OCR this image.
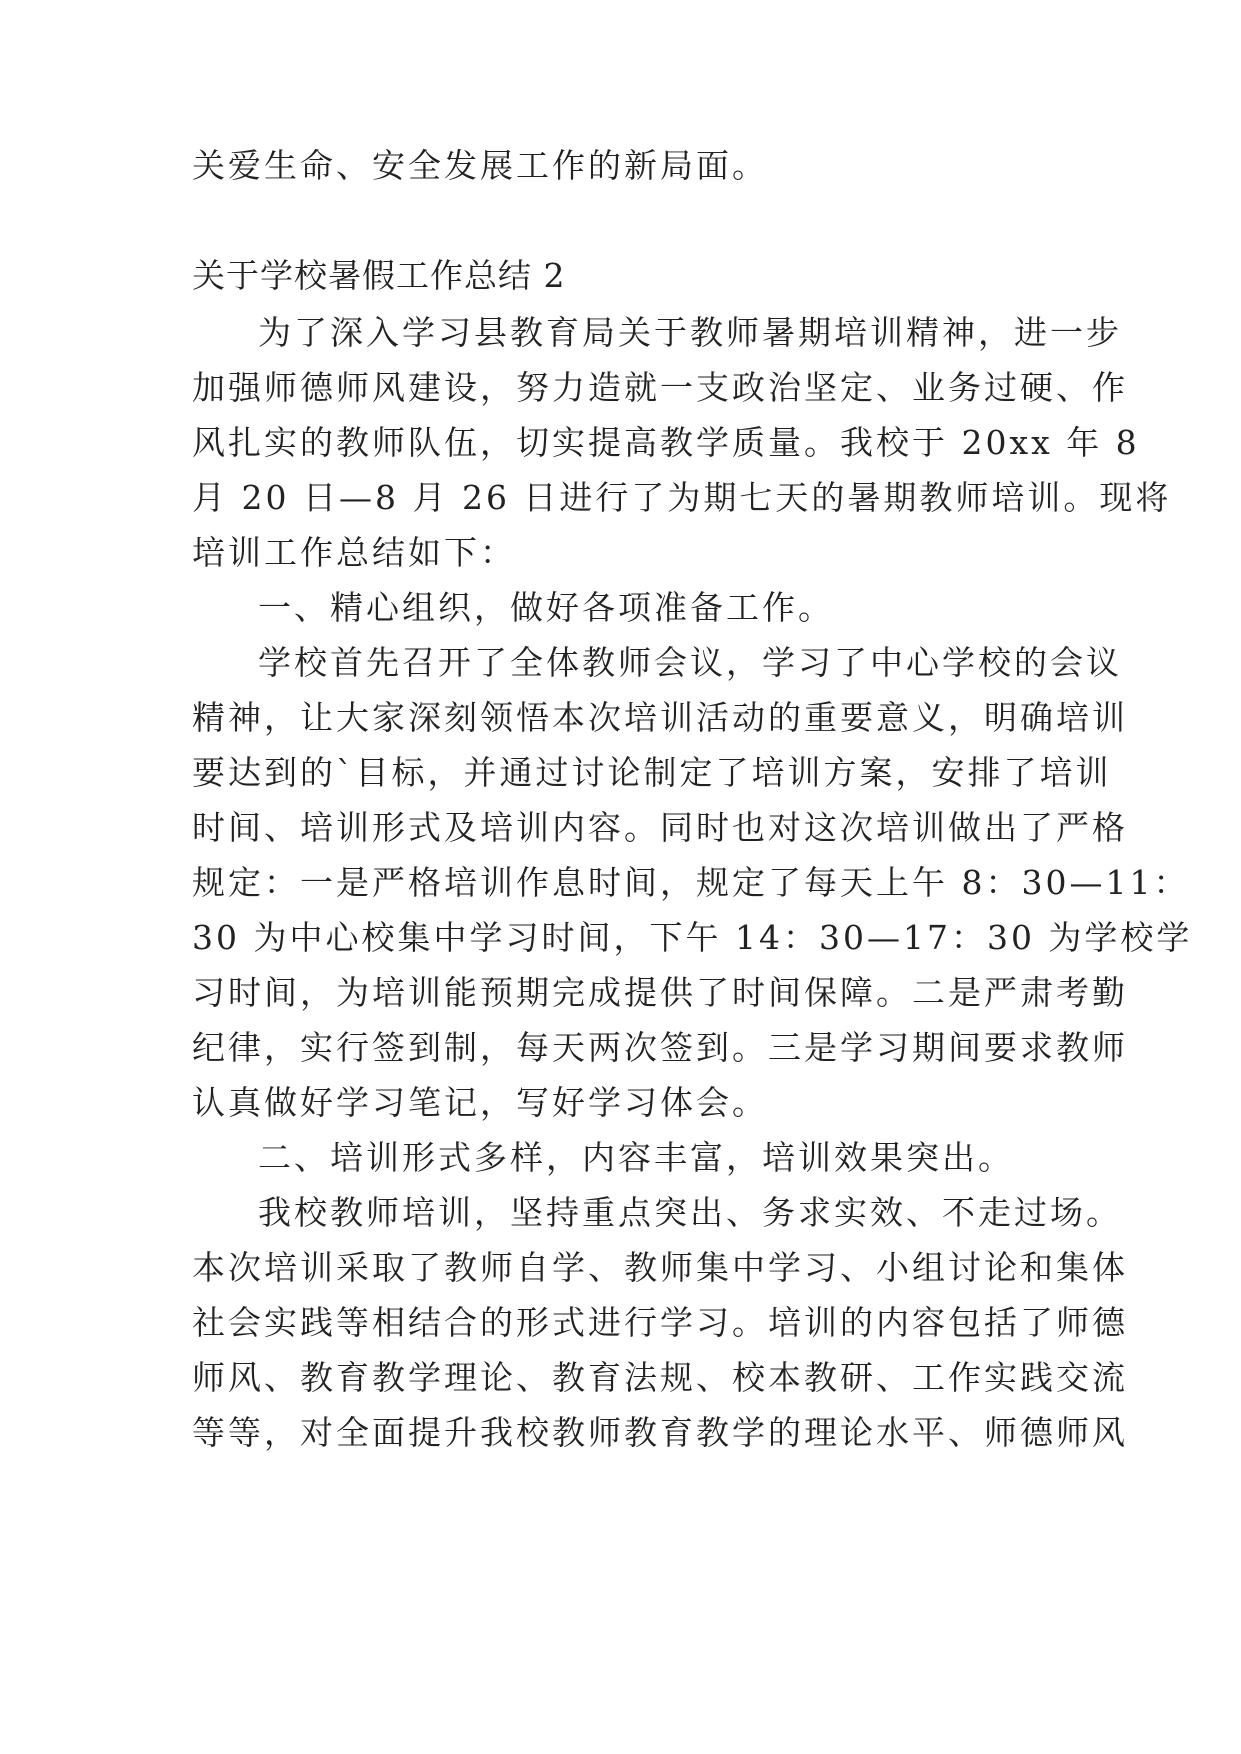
关爱生命、安全发展工作的新局面。
关于学校暑假工作总结 2
为了深入学习县教育局关于教师暑期培训精神，进一步
加强师德师风建设，努力造就一支政治坚定、业务过硬、作
风扎实的教师队伍，切实提高教学质量。我校于 20xx 年 8
月 20 日—8 月 26 日进行了为期七天的暑期教师培训。现将
培训工作总结如下：
一、精心组织，做好各项准备工作。
学校首先召开了全体教师会议，学习了中心学校的会议
精神，让大家深刻领悟本次培训活动的重要意义，明确培训
要达到的`目标，并通过讨论制定了培训方案，安排了培训
时间、培训形式及培训内容。同时也对这次培训做出了严格
规定：一是严格培训作息时间，规定了每天上午 8：30—11：
30 为中心校集中学习时间，下午 14：30—17：30 为学校学
习时间，为培训能预期完成提供了时间保障。二是严肃考勤
纪律，实行签到制，每天两次签到。三是学习期间要求教师
认真做好学习笔记，写好学习体会。
二、培训形式多样，内容丰富，培训效果突出。
我校教师培训，坚持重点突出、务求实效、不走过场。
本次培训采取了教师自学、教师集中学习、小组讨论和集体
社会实践等相结合的形式进行学习。培训的内容包括了师德
师风、教育教学理论、教育法规、校本教研、工作实践交流
等等，对全面提升我校教师教育教学的理论水平、师德师风
